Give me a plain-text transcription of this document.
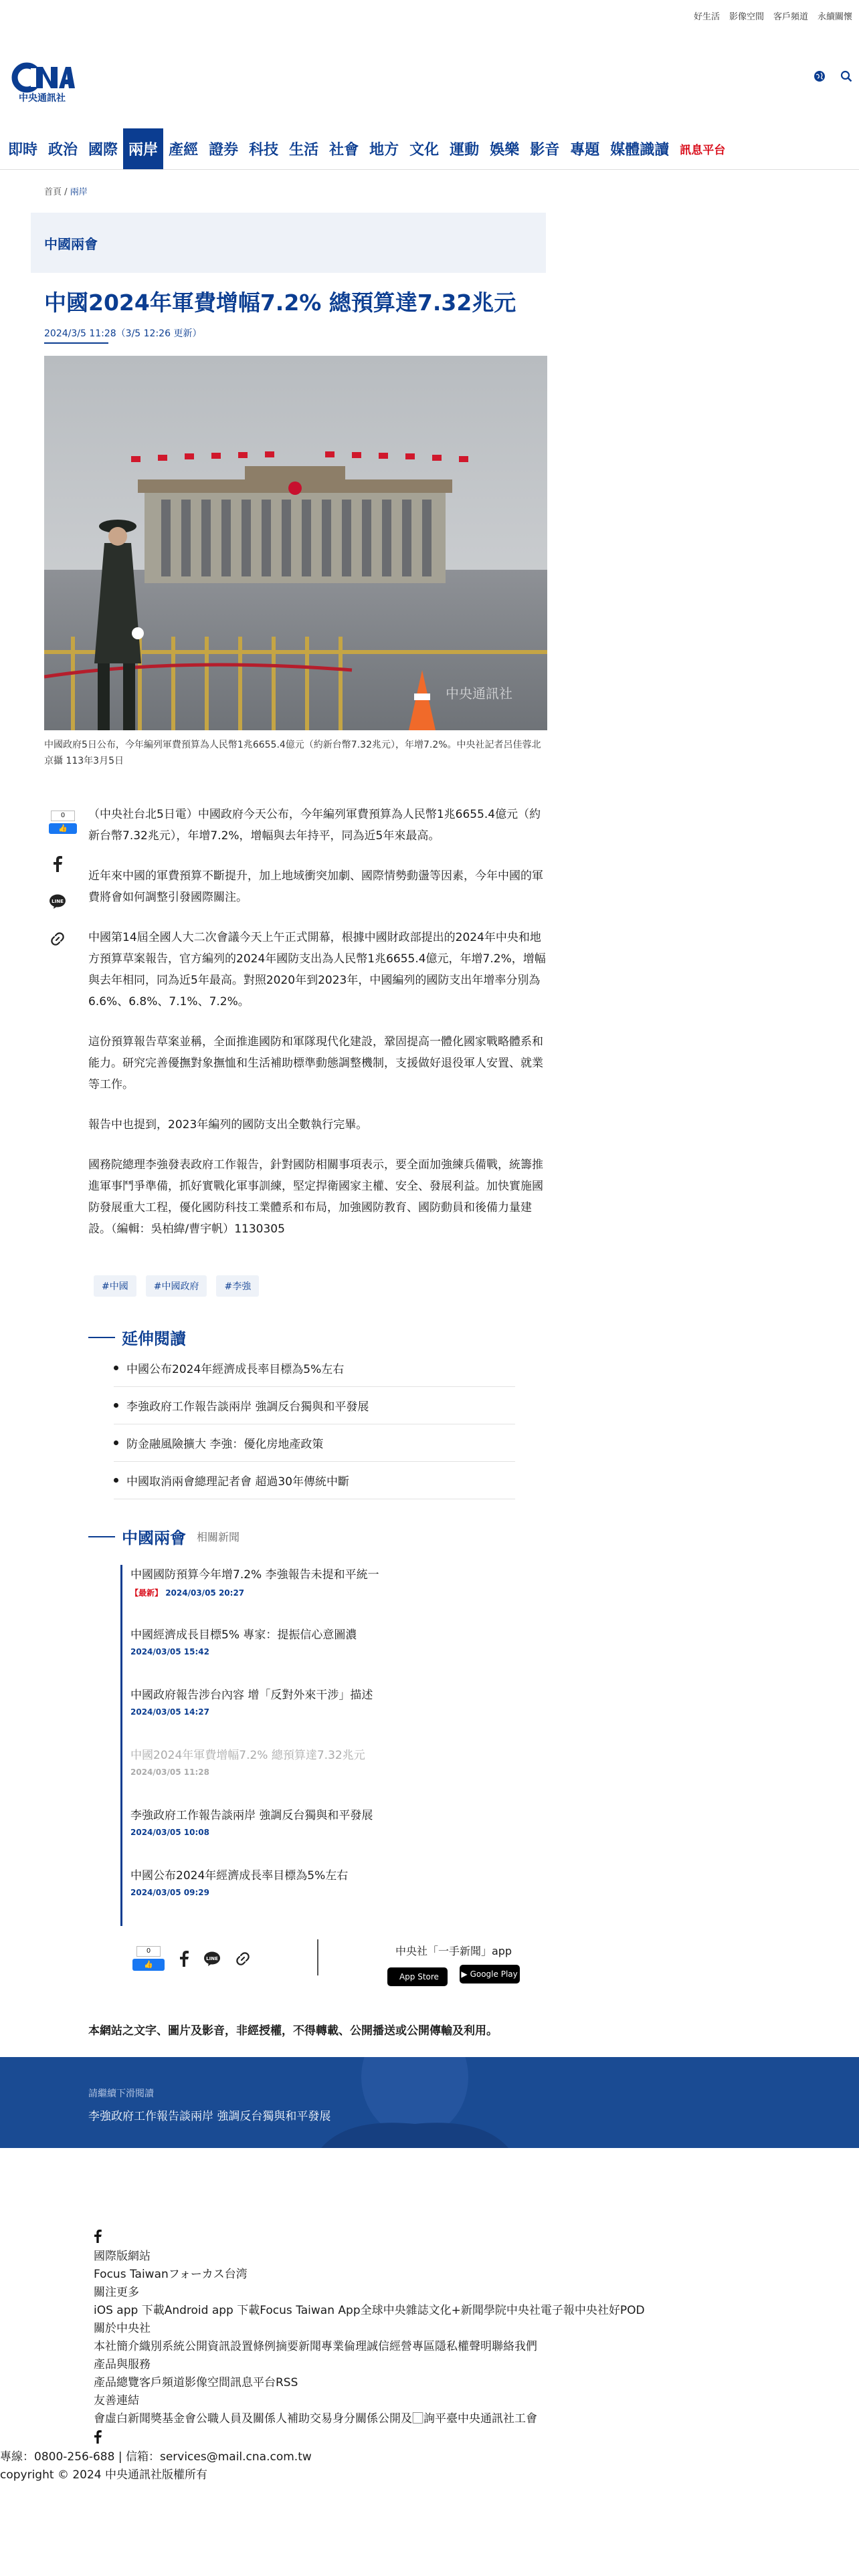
好生活 影像空間 客戶頻道 永續關懷
中央通訊社
即時 政治 國際 兩岸 產經 證券 科技 生活 社會 地方 文化 運動 娛樂 影音 專題 媒體識讀 訊息平台
首頁 / 兩岸
中國兩會
中國2024年軍費增幅7.2% 總預算達7.32兆元
2024/3/5 11:28（3/5 12:26 更新）
中央通訊社
中國政府5日公布，今年編列軍費預算為人民幣1兆6655.4億元（約新台幣7.32兆元），年增7.2%。中央社記者呂佳蓉北京攝 113年3月5日
0
👍
LINE

（中央社台北5日電）中國政府今天公布，今年編列軍費預算為人民幣1兆6655.4億元（約新台幣7.32兆元），年增7.2%，增幅與去年持平，同為近5年來最高。

近年來中國的軍費預算不斷提升，加上地域衝突加劇、國際情勢動盪等因素，今年中國的軍費將會如何調整引發國際關注。

中國第14屆全國人大二次會議今天上午正式開幕，根據中國財政部提出的2024年中央和地方預算草案報告，官方編列的2024年國防支出為人民幣1兆6655.4億元，年增7.2%，增幅與去年相同，同為近5年最高。對照2020年到2023年，中國編列的國防支出年增率分別為6.6%、6.8%、7.1%、7.2%。

這份預算報告草案並稱，全面推進國防和軍隊現代化建設，鞏固提高一體化國家戰略體系和能力。研究完善優撫對象撫恤和生活補助標準動態調整機制，支援做好退役軍人安置、就業等工作。

報告中也提到，2023年編列的國防支出全數執行完畢。

國務院總理李強發表政府工作報告，針對國防相關事項表示，要全面加強練兵備戰，統籌推進軍事鬥爭準備，抓好實戰化軍事訓練，堅定捍衛國家主權、安全、發展利益。加快實施國防發展重大工程，優化國防科技工業體系和布局，加強國防教育、國防動員和後備力量建設。（編輯：吳柏緯/曹宇帆）1130305

#中國	#中國政府	#李強
延伸閱讀
中國公布2024年經濟成長率目標為5%左右
李強政府工作報告談兩岸 強調反台獨與和平發展
防金融風險擴大 李強：優化房地產政策
中國取消兩會總理記者會 超過30年傳統中斷
中國兩會 相關新聞
中國國防預算今年增7.2% 李強報告未提和平統一
【最新】 2024/03/05 20:27
中國經濟成長目標5% 專家：提振信心意圖濃
2024/03/05 15:42
中國政府報告涉台內容 增「反對外來干涉」描述
2024/03/05 14:27
中國2024年軍費增幅7.2% 總預算達7.32兆元
2024/03/05 11:28
李強政府工作報告談兩岸 強調反台獨與和平發展
2024/03/05 10:08
中國公布2024年經濟成長率目標為5%左右
2024/03/05 09:29
0
👍
LINE
中央社「一手新聞」app
App Store
	▶ Google Play
本網站之文字、圖片及影音，非經授權，不得轉載、公開播送或公開傳輸及利用。
請繼續下滑閱讀
李強政府工作報告談兩岸 強調反台獨與和平發展
國際版網站
Focus Taiwanフォーカス台湾
關注更多
iOS app 下載Android app 下載Focus Taiwan App全球中央雜誌文化+新聞學院中央社電子報中央社好POD
關於中央社
本社簡介織別系統公開資訊設置條例摘要新聞專業倫理誠信經營專區隱私權聲明聯絡我們
產品與服務
產品總覽客戶頻道影像空間訊息平台RSS
友善連結
會虛白新聞獎基金會公職人員及關係人補助交易身分關係公開及⃞詢平臺中央通訊社工會
專線：0800-256-688 | 信箱：services@mail.cna.com.tw
copyright © 2024 中央通訊社版權所有
